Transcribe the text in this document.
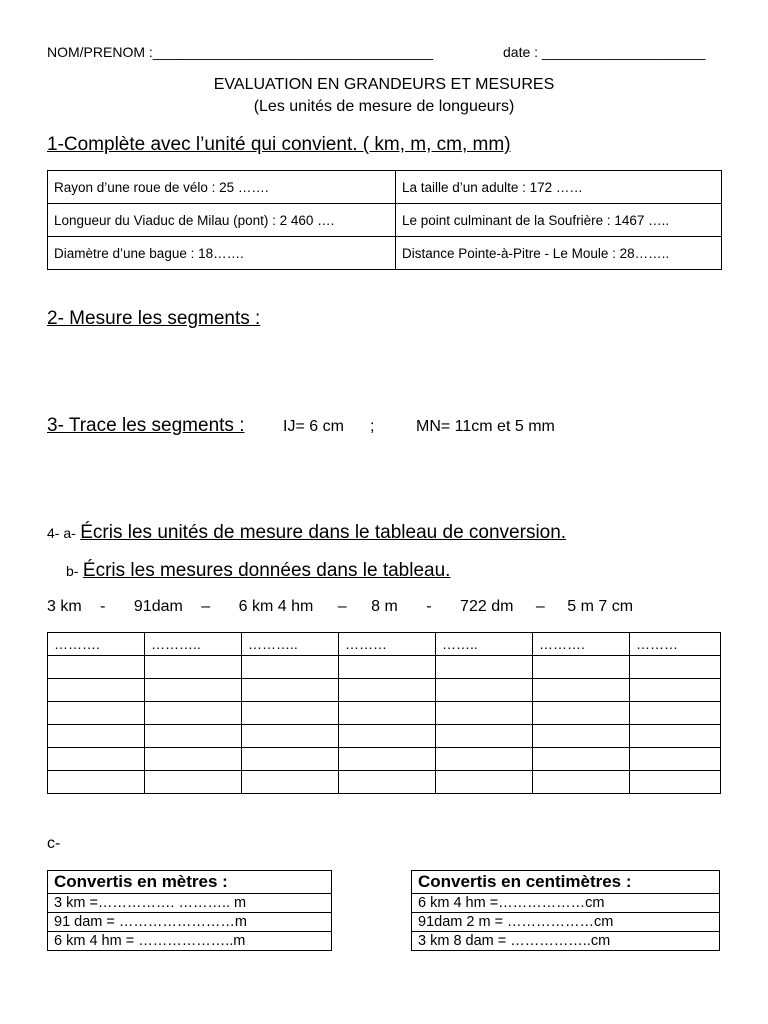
NOM/PRENOM :____________________________________	date : _____________________
EVALUATION EN GRANDEURS ET MESURES
(Les unités de mesure de longueurs)
1-Complète avec l’unité qui convient. ( km, m, cm, mm)
Rayon d’une roue de vélo : 25 …….	La taille d’un adulte : 172 ……
Longueur du Viaduc de Milau (pont) : 2 460 ….	Le point culminant de la Soufrière : 1467 …..
Diamètre d’une bague : 18…….	Distance Pointe-à-Pitre - Le Moule : 28……..
2- Mesure les segments :
3- Trace les segments : IJ= 6 cm ;	MN= 11cm et 5 mm
4- a- Écris les unités de mesure dans le tableau de conversion.
b- Écris les mesures données dans le tableau.
3 km - 91dam – 6 km 4 hm – 8 m - 722 dm – 5 m 7 cm
……….	………..	………..	………	……..	……….	………

c-
Convertis en mètres :
3 km =……………. ……….. m
91 dam = ……………………m
6 km 4 hm = ………………..m
Convertis en centimètres :
6 km 4 hm =………………cm
91dam 2 m = ………………cm
3 km 8 dam = ……………..cm
